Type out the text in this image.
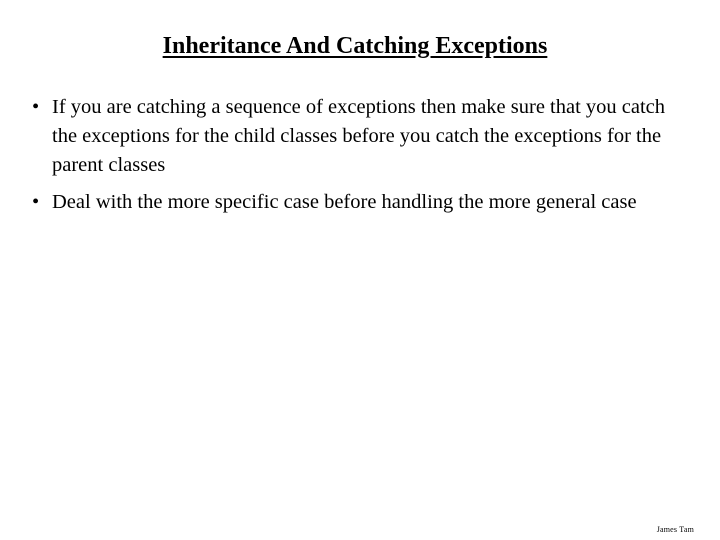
Inheritance And Catching Exceptions
• If you are catching a sequence of exceptions then make sure that you catch the exceptions for the child classes before you catch the exceptions for the parent classes
• Deal with the more specific case before handling the more general case
James Tam
